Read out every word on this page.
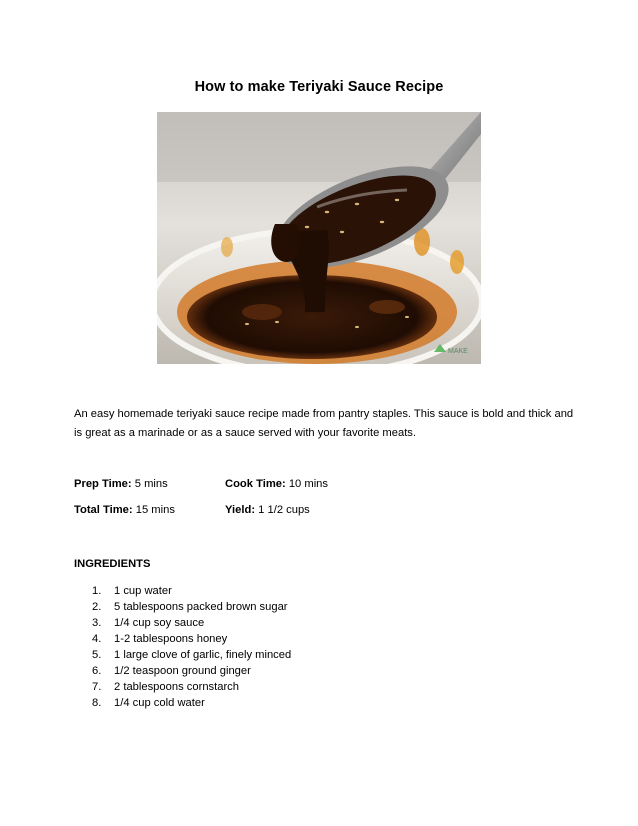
How to make Teriyaki Sauce Recipe
MAKE
An easy homemade teriyaki sauce recipe made from pantry staples. This sauce is bold and thick and is great as a marinade or as a sauce served with your favorite meats.
Prep Time: 5 mins	Cook Time: 10 mins
Total Time: 15 mins	Yield: 1 1/2 cups
INGREDIENTS
1. 1 cup water
2. 5 tablespoons packed brown sugar
3. 1/4 cup soy sauce
4. 1-2 tablespoons honey
5. 1 large clove of garlic, finely minced
6. 1/2 teaspoon ground ginger
7. 2 tablespoons cornstarch
8. 1/4 cup cold water
